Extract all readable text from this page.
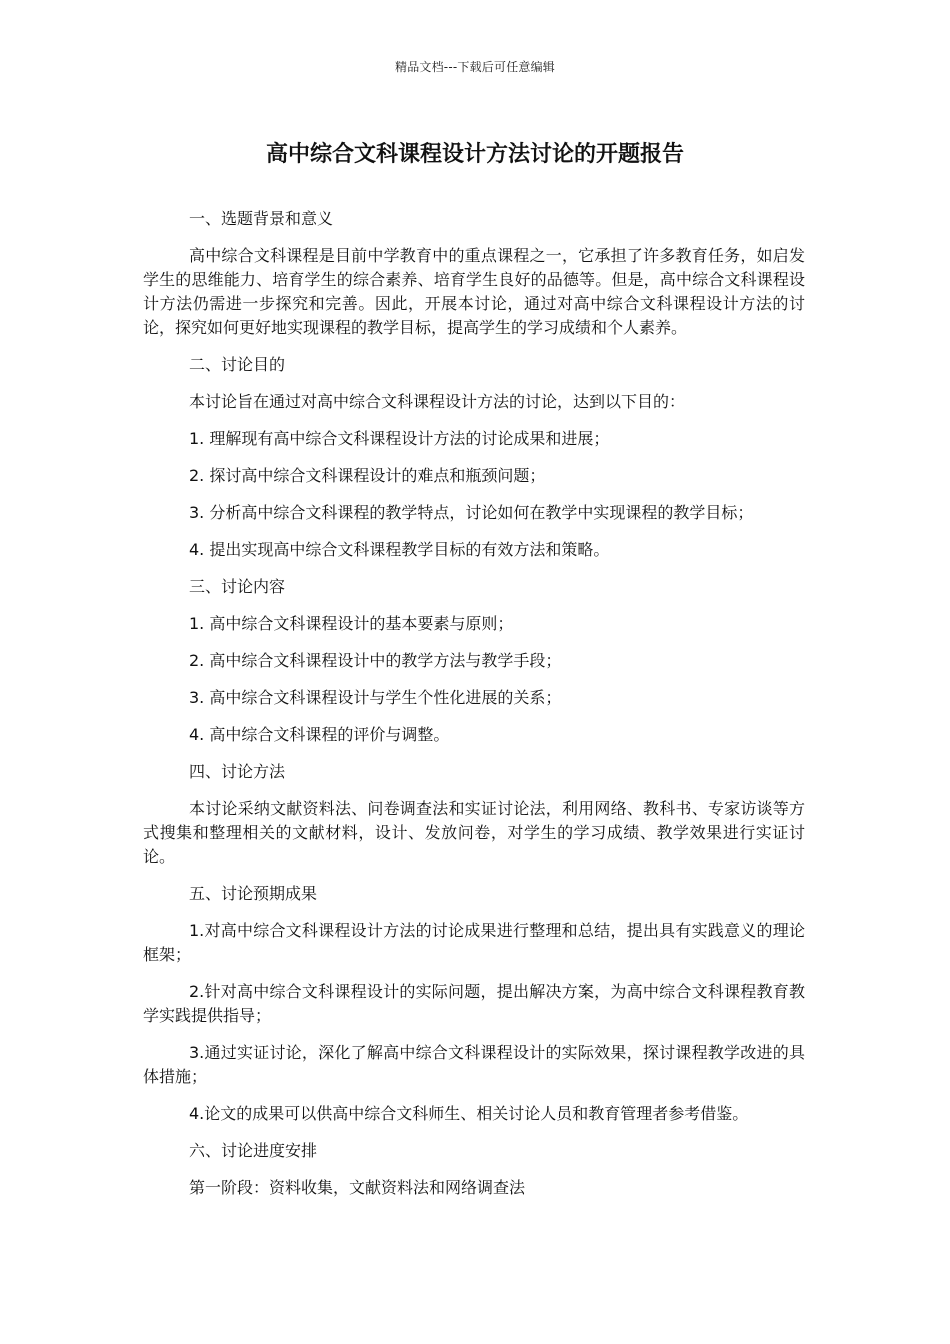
精品文档---下载后可任意编辑
高中综合文科课程设计方法讨论的开题报告

一、选题背景和意义

高中综合文科课程是目前中学教育中的重点课程之一，它承担了许多教育任务，如启发学生的思维能力、培育学生的综合素养、培育学生良好的品德等。但是，高中综合文科课程设计方法仍需进一步探究和完善。因此，开展本讨论，通过对高中综合文科课程设计方法的讨论，探究如何更好地实现课程的教学目标，提高学生的学习成绩和个人素养。

二、讨论目的

本讨论旨在通过对高中综合文科课程设计方法的讨论，达到以下目的：

1. 理解现有高中综合文科课程设计方法的讨论成果和进展；

2. 探讨高中综合文科课程设计的难点和瓶颈问题；

3. 分析高中综合文科课程的教学特点，讨论如何在教学中实现课程的教学目标；

4. 提出实现高中综合文科课程教学目标的有效方法和策略。

三、讨论内容

1. 高中综合文科课程设计的基本要素与原则；

2. 高中综合文科课程设计中的教学方法与教学手段；

3. 高中综合文科课程设计与学生个性化进展的关系；

4. 高中综合文科课程的评价与调整。

四、讨论方法

本讨论采纳文献资料法、问卷调查法和实证讨论法，利用网络、教科书、专家访谈等方式搜集和整理相关的文献材料，设计、发放问卷，对学生的学习成绩、教学效果进行实证讨论。

五、讨论预期成果

1.对高中综合文科课程设计方法的讨论成果进行整理和总结，提出具有实践意义的理论框架；

2.针对高中综合文科课程设计的实际问题，提出解决方案，为高中综合文科课程教育教学实践提供指导；

3.通过实证讨论，深化了解高中综合文科课程设计的实际效果，探讨课程教学改进的具体措施；

4.论文的成果可以供高中综合文科师生、相关讨论人员和教育管理者参考借鉴。

六、讨论进度安排

第一阶段：资料收集，文献资料法和网络调查法
